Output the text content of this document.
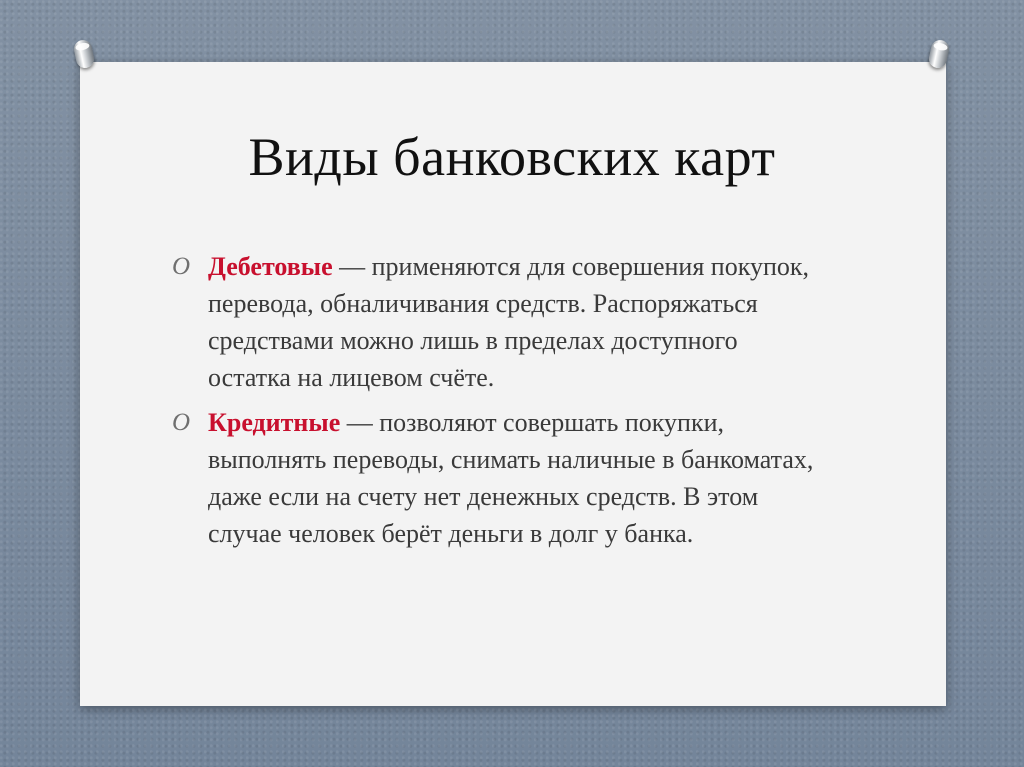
Виды банковских карт
O Дебетовые — применяются для совершения покупок, перевода, обналичивания средств. Распоряжаться средствами можно лишь в пределах доступного остатка на лицевом счёте.
O Кредитные — позволяют совершать покупки, выполнять переводы, снимать наличные в банкоматах, даже если на счету нет денежных средств. В этом случае человек берёт деньги в долг у банка.
